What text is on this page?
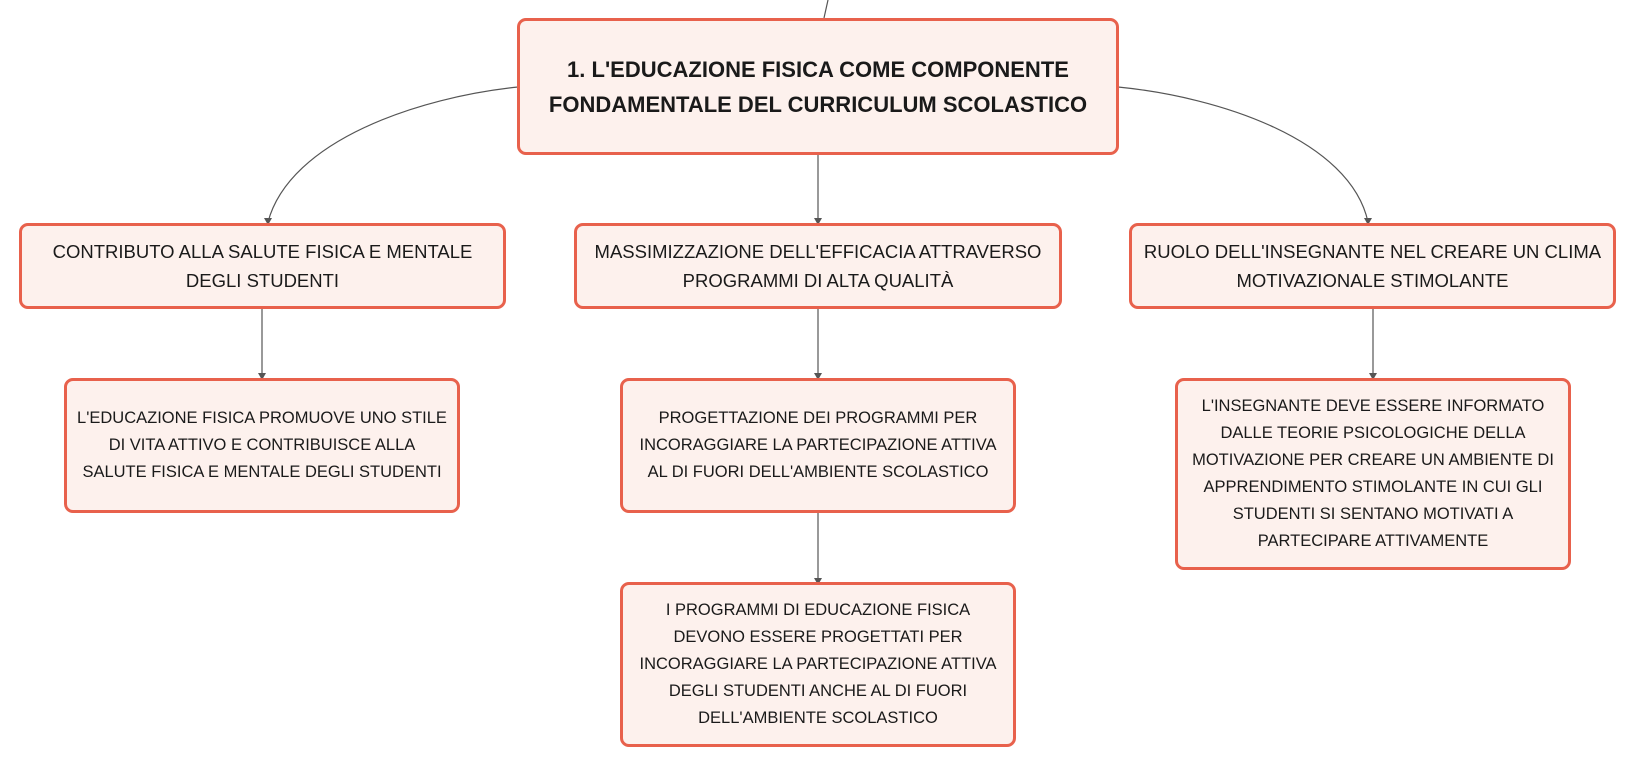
1. L'EDUCAZIONE FISICA COME COMPONENTE
FONDAMENTALE DEL CURRICULUM SCOLASTICO
CONTRIBUTO ALLA SALUTE FISICA E MENTALE
DEGLI STUDENTI
MASSIMIZZAZIONE DELL'EFFICACIA ATTRAVERSO
PROGRAMMI DI ALTA QUALITÀ
RUOLO DELL'INSEGNANTE NEL CREARE UN CLIMA
MOTIVAZIONALE STIMOLANTE
L'EDUCAZIONE FISICA PROMUOVE UNO STILE
DI VITA ATTIVO E CONTRIBUISCE ALLA
SALUTE FISICA E MENTALE DEGLI STUDENTI
PROGETTAZIONE DEI PROGRAMMI PER
INCORAGGIARE LA PARTECIPAZIONE ATTIVA
AL DI FUORI DELL'AMBIENTE SCOLASTICO
I PROGRAMMI DI EDUCAZIONE FISICA
DEVONO ESSERE PROGETTATI PER
INCORAGGIARE LA PARTECIPAZIONE ATTIVA
DEGLI STUDENTI ANCHE AL DI FUORI
DELL'AMBIENTE SCOLASTICO
L'INSEGNANTE DEVE ESSERE INFORMATO
DALLE TEORIE PSICOLOGICHE DELLA
MOTIVAZIONE PER CREARE UN AMBIENTE DI
APPRENDIMENTO STIMOLANTE IN CUI GLI
STUDENTI SI SENTANO MOTIVATI A
PARTECIPARE ATTIVAMENTE
